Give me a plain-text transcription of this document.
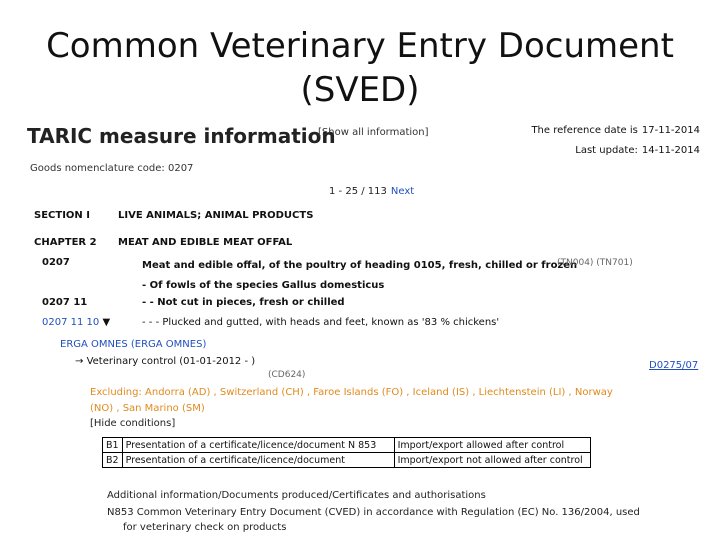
Common Veterinary Entry Document
(SVED)
TARIC measure information
[Show all information]	The reference date is 17-11-2014
Last update: 14-11-2014
Goods nomenclature code: 0207
1 - 25 / 113 Next
SECTION I	LIVE ANIMALS; ANIMAL PRODUCTS
CHAPTER 2 MEAT AND EDIBLE MEAT OFFAL
0207	Meat and edible offal, of the poultry of heading 0105, fresh, chilled or frozen
(TN004) (TN701)
- Of fowls of the species Gallus domesticus
0207 11	- - Not cut in pieces, fresh or chilled
0207 11 10 ▼	- - - Plucked and gutted, with heads and feet, known as '83 % chickens'
ERGA OMNES (ERGA OMNES)
→ Veterinary control (01-01-2012 - )
(CD624)
D0275/07
Excluding: Andorra (AD) , Switzerland (CH) , Faroe Islands (FO) , Iceland (IS) , Liechtenstein (LI) , Norway
(NO) , San Marino (SM)
[Hide conditions]
B1	Presentation of a certificate/licence/document N 853	Import/export allowed after control
B2	Presentation of a certificate/licence/document	Import/export not allowed after control
Additional information/Documents produced/Certificates and authorisations
N853 Common Veterinary Entry Document (CVED) in accordance with Regulation (EC) No. 136/2004, used
for veterinary check on products
